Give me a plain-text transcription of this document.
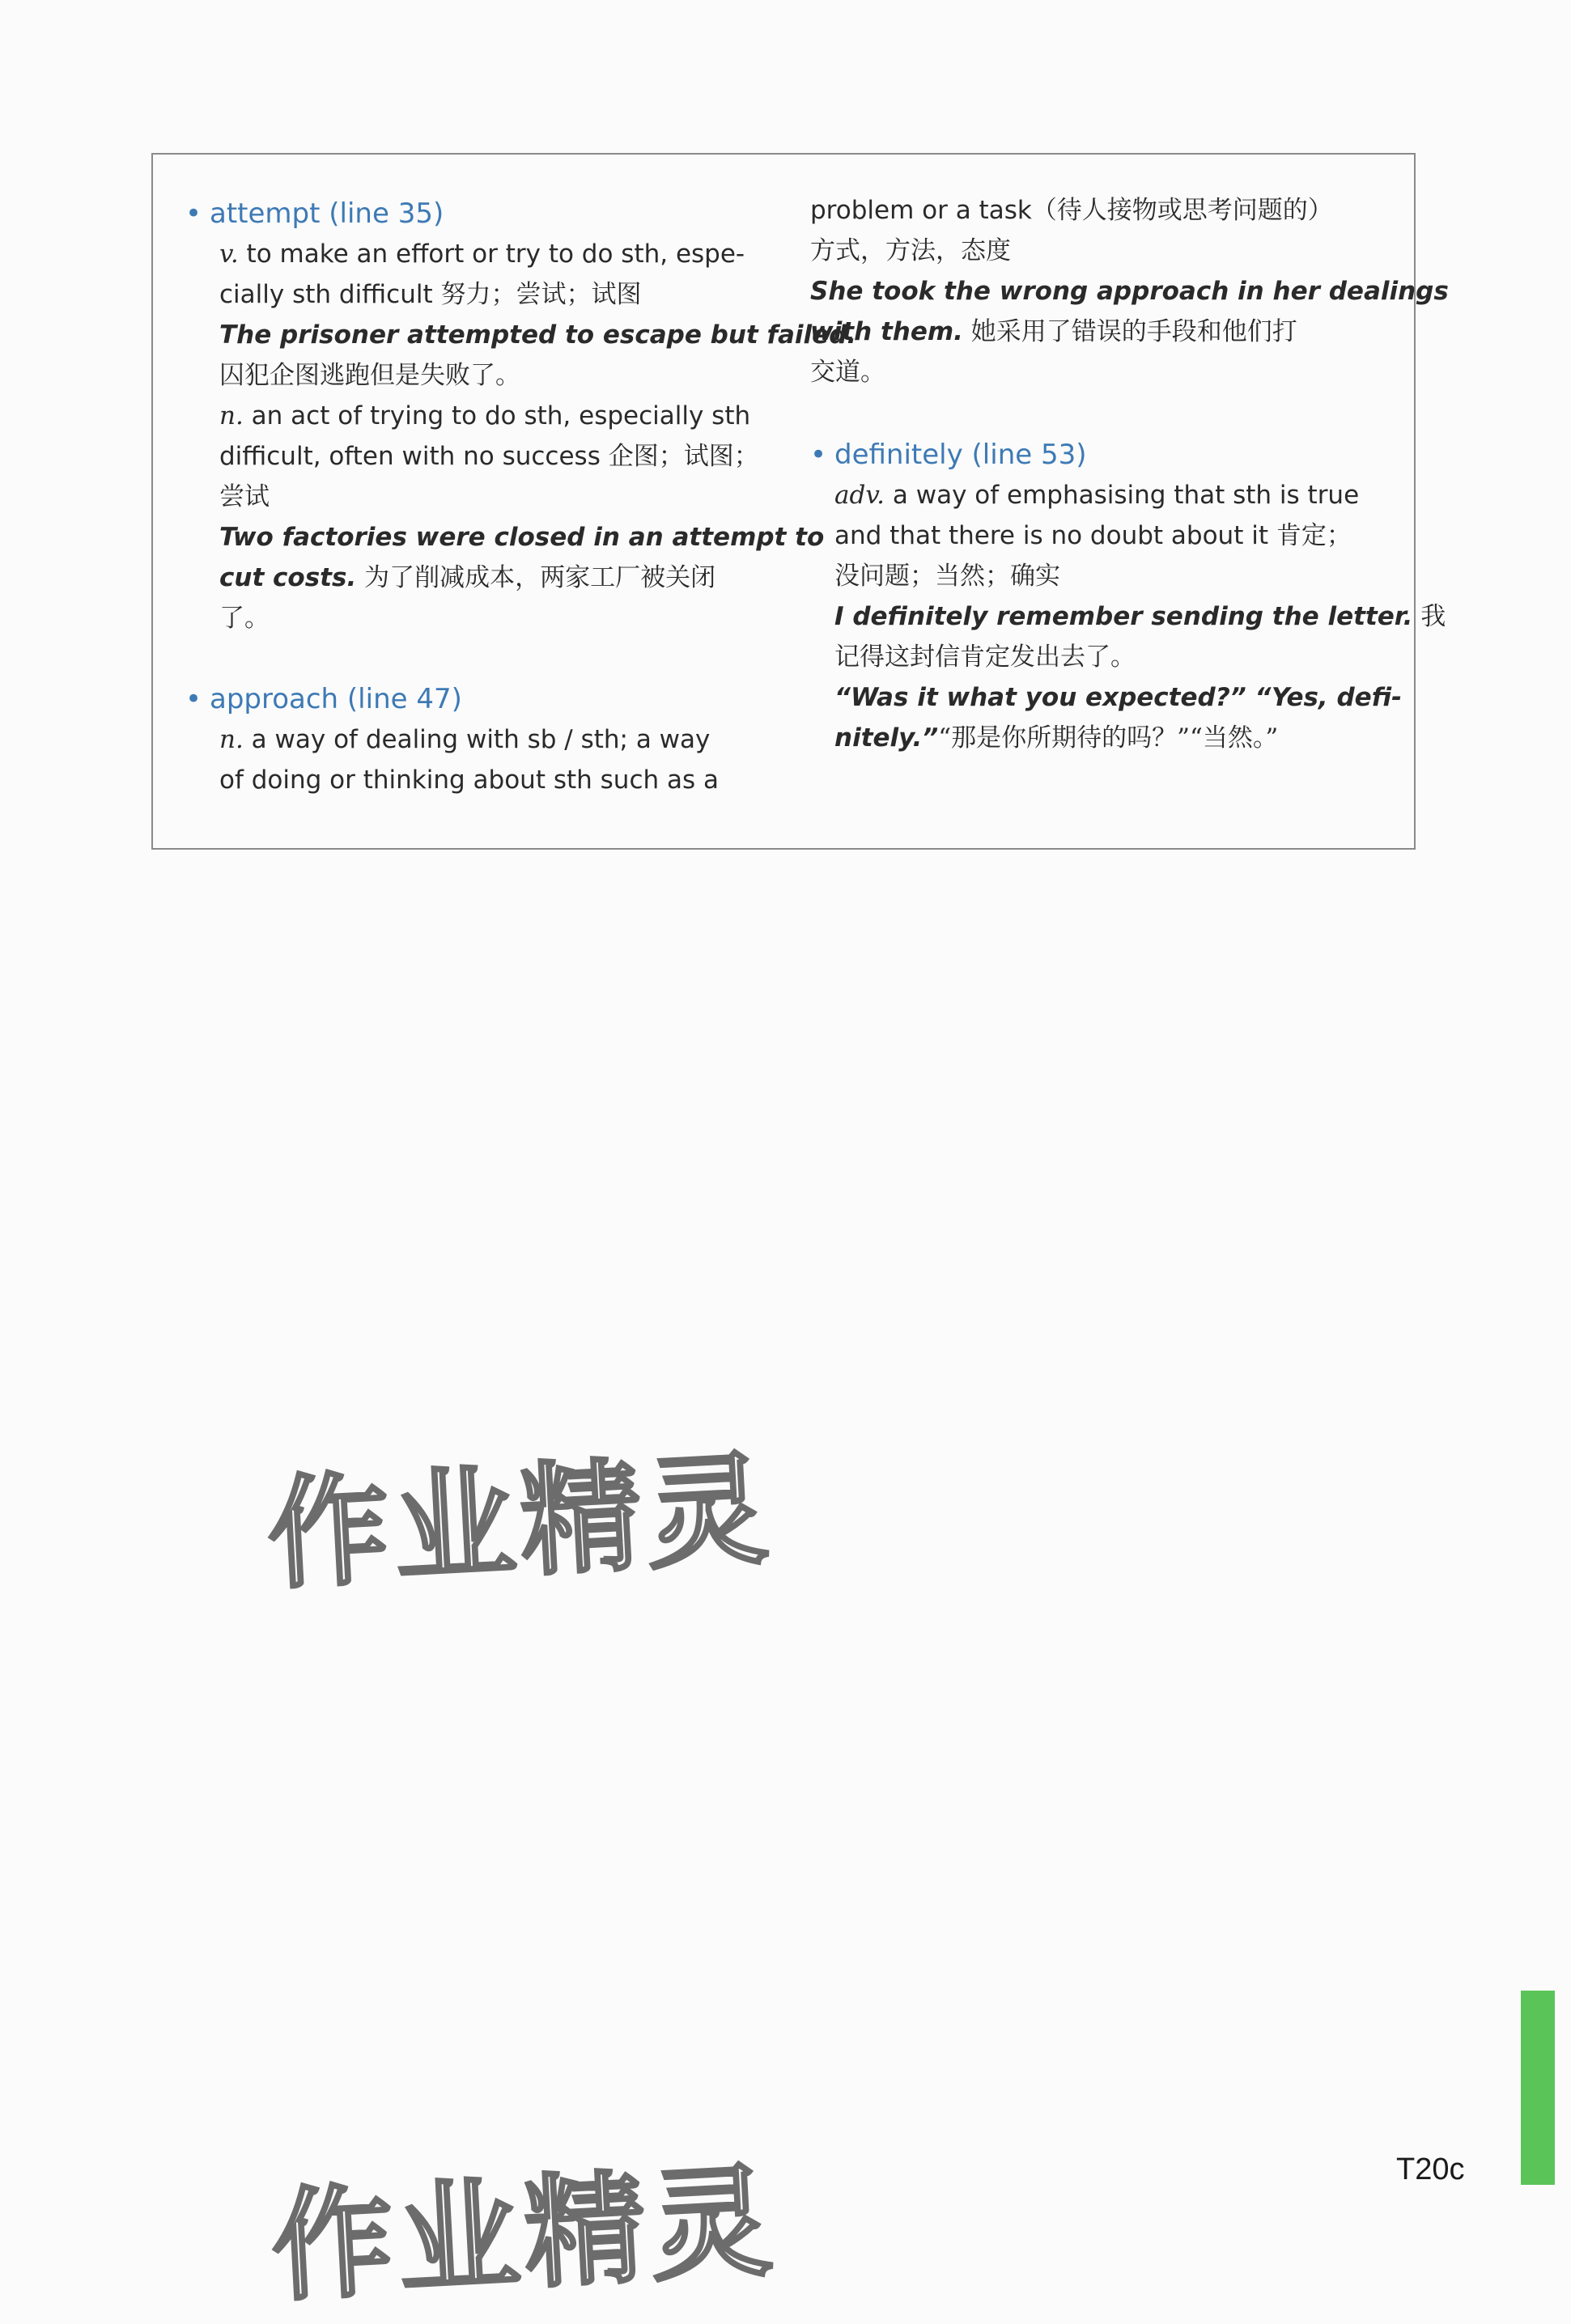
• attempt (line 35)
v. to make an effort or try to do sth, espe-
cially sth difficult 努力；尝试；试图
The prisoner attempted to escape but failed.
囚犯企图逃跑但是失败了。
n. an act of trying to do sth, especially sth
difficult, often with no success 企图；试图；
尝试
Two factories were closed in an attempt to
cut costs. 为了削减成本，两家工厂被关闭
了。
• approach (line 47)
n. a way of dealing with sb / sth; a way
of doing or thinking about sth such as a
problem or a task（待人接物或思考问题的）
方式，方法，态度
She took the wrong approach in her dealings
with them. 她采用了错误的手段和他们打
交道。
• definitely (line 53)
adv. a way of emphasising that sth is true
and that there is no doubt about it 肯定；
没问题；当然；确实
I definitely remember sending the letter. 我
记得这封信肯定发出去了。
“Was it what you expected?” “Yes, defi-
nitely.”“那是你所期待的吗？”“当然。”
作业精灵
作业精灵	T20c
